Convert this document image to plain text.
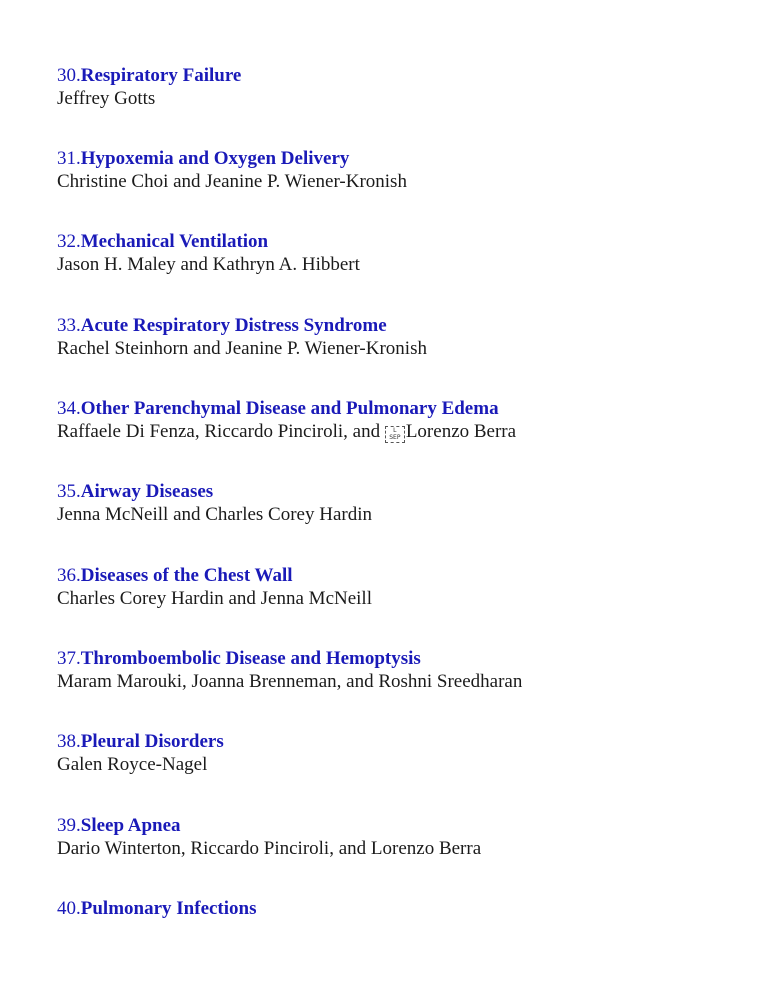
30.Respiratory Failure
Jeffrey Gotts
31.Hypoxemia and Oxygen Delivery
Christine Choi and Jeanine P. Wiener-Kronish
32.Mechanical Ventilation
Jason H. Maley and Kathryn A. Hibbert
33.Acute Respiratory Distress Syndrome
Rachel Steinhorn and Jeanine P. Wiener-Kronish
34.Other Parenchymal Disease and Pulmonary Edema
Raffaele Di Fenza, Riccardo Pinciroli, and	L
SEP Lorenzo Berra
35.Airway Diseases
Jenna McNeill and Charles Corey Hardin
36.Diseases of the Chest Wall
Charles Corey Hardin and Jenna McNeill
37.Thromboembolic Disease and Hemoptysis
Maram Marouki, Joanna Brenneman, and Roshni Sreedharan
38.Pleural Disorders
Galen Royce-Nagel
39.Sleep Apnea
Dario Winterton, Riccardo Pinciroli, and Lorenzo Berra
40.Pulmonary Infections
